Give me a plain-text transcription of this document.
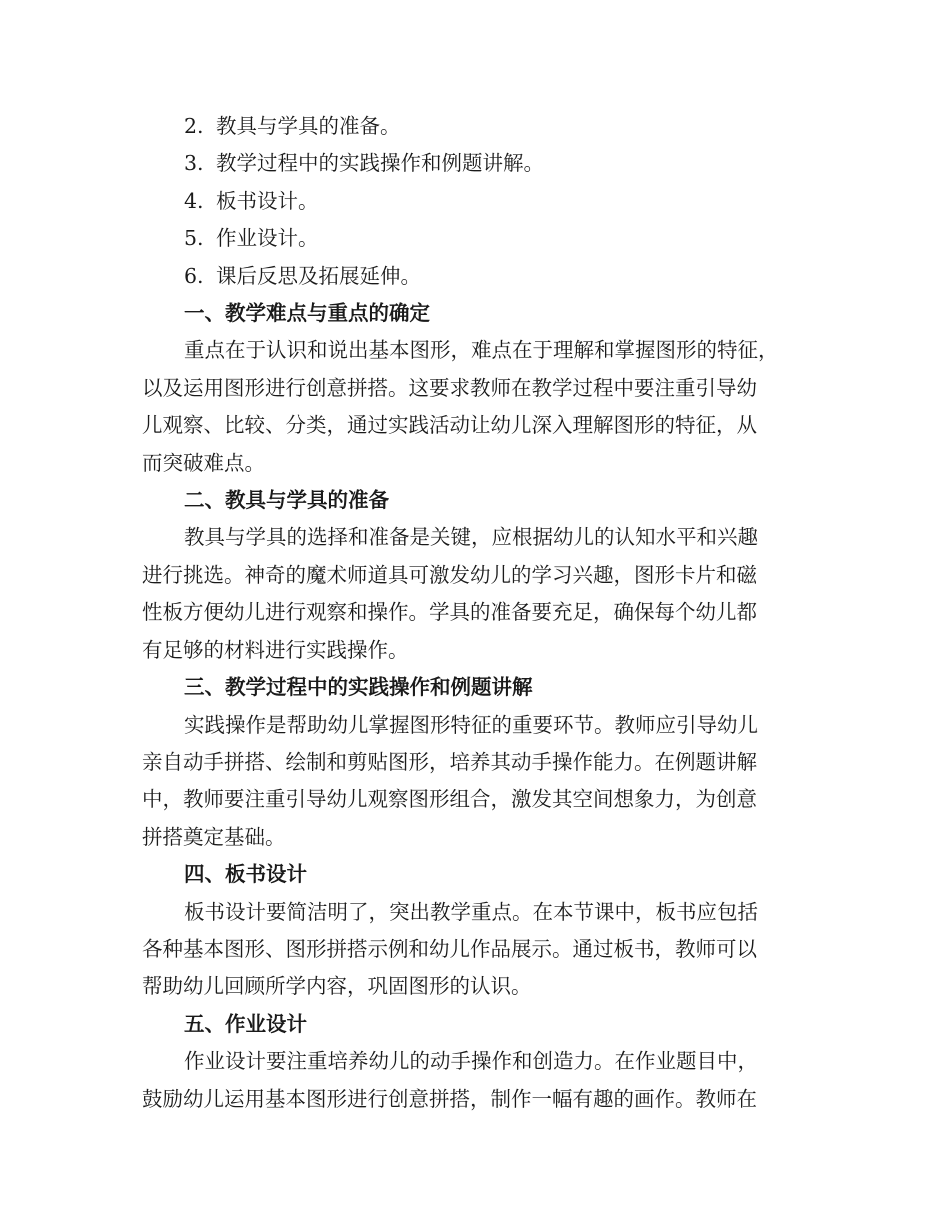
2. 教具与学具的准备。

3. 教学过程中的实践操作和例题讲解。

4. 板书设计。

5. 作业设计。

6. 课后反思及拓展延伸。

一、教学难点与重点的确定

重点在于认识和说出基本图形，难点在于理解和掌握图形的特征，

以及运用图形进行创意拼搭。这要求教师在教学过程中要注重引导幼

儿观察、比较、分类，通过实践活动让幼儿深入理解图形的特征，从

而突破难点。

二、教具与学具的准备

教具与学具的选择和准备是关键，应根据幼儿的认知水平和兴趣

进行挑选。神奇的魔术师道具可激发幼儿的学习兴趣，图形卡片和磁

性板方便幼儿进行观察和操作。学具的准备要充足，确保每个幼儿都

有足够的材料进行实践操作。

三、教学过程中的实践操作和例题讲解

实践操作是帮助幼儿掌握图形特征的重要环节。教师应引导幼儿

亲自动手拼搭、绘制和剪贴图形，培养其动手操作能力。在例题讲解

中，教师要注重引导幼儿观察图形组合，激发其空间想象力，为创意

拼搭奠定基础。

四、板书设计

板书设计要简洁明了，突出教学重点。在本节课中，板书应包括

各种基本图形、图形拼搭示例和幼儿作品展示。通过板书，教师可以

帮助幼儿回顾所学内容，巩固图形的认识。

五、作业设计

作业设计要注重培养幼儿的动手操作和创造力。在作业题目中，

鼓励幼儿运用基本图形进行创意拼搭，制作一幅有趣的画作。教师在
